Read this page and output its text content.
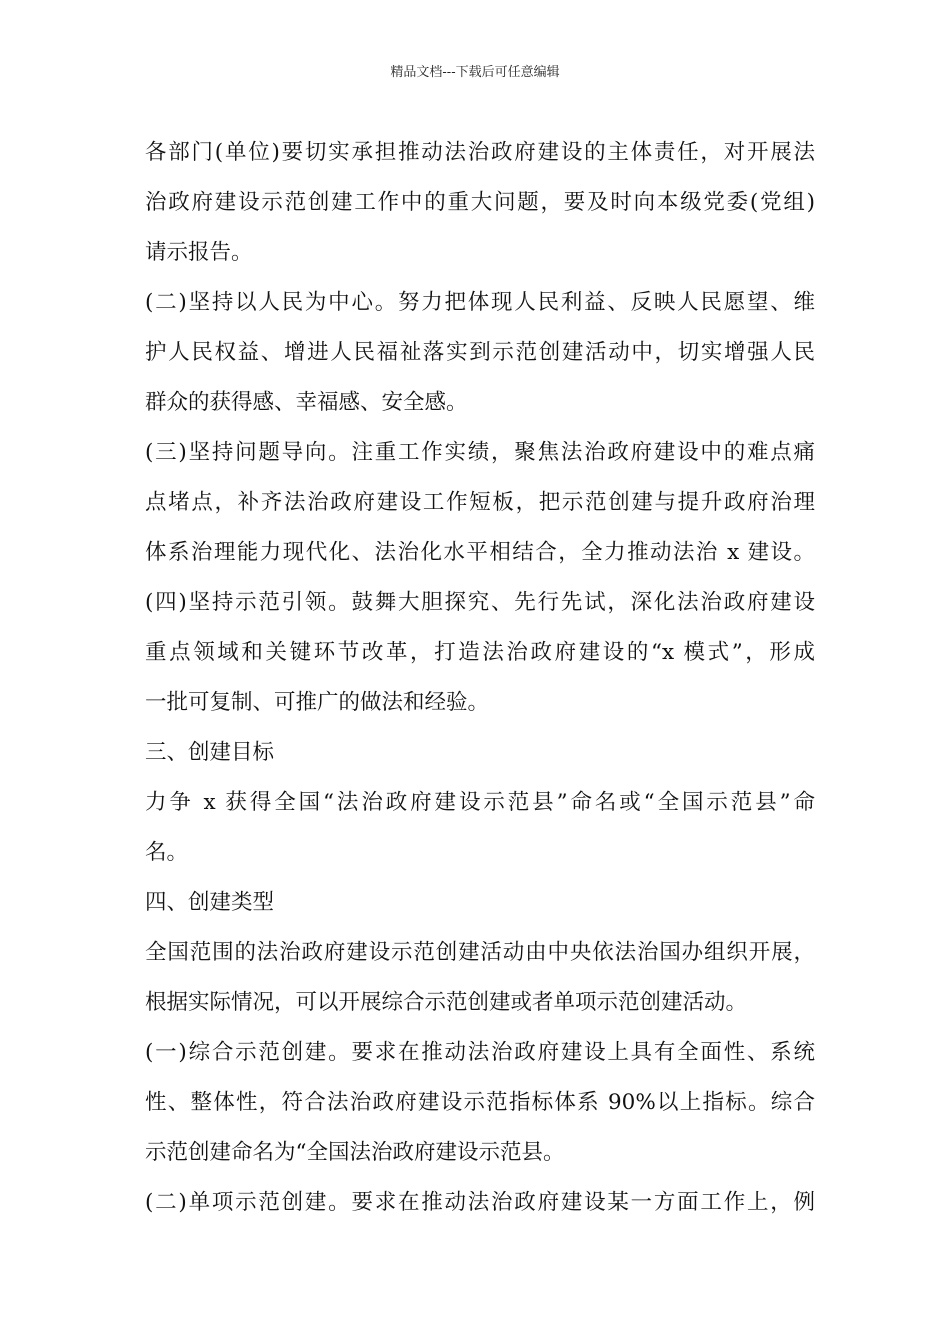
精品文档---下载后可任意编辑
各部门(单位)要切实承担推动法治政府建设的主体责任，对开展法
治政府建设示范创建工作中的重大问题，要及时向本级党委(党组)
请示报告。
(二)坚持以人民为中心。努力把体现人民利益、反映人民愿望、维
护人民权益、增进人民福祉落实到示范创建活动中，切实增强人民
群众的获得感、幸福感、安全感。
(三)坚持问题导向。注重工作实绩，聚焦法治政府建设中的难点痛
点堵点，补齐法治政府建设工作短板，把示范创建与提升政府治理
体系治理能力现代化、法治化水平相结合，全力推动法治 x 建设。
(四)坚持示范引领。鼓舞大胆探究、先行先试，深化法治政府建设
重点领域和关键环节改革，打造法治政府建设的“x 模式”，形成
一批可复制、可推广的做法和经验。
三、创建目标
力争 x 获得全国“法治政府建设示范县”命名或“全国示范县”命
名。
四、创建类型
全国范围的法治政府建设示范创建活动由中央依法治国办组织开展，
根据实际情况，可以开展综合示范创建或者单项示范创建活动。
(一)综合示范创建。要求在推动法治政府建设上具有全面性、系统
性、整体性，符合法治政府建设示范指标体系 90%以上指标。综合
示范创建命名为“全国法治政府建设示范县。
(二)单项示范创建。要求在推动法治政府建设某一方面工作上，例
